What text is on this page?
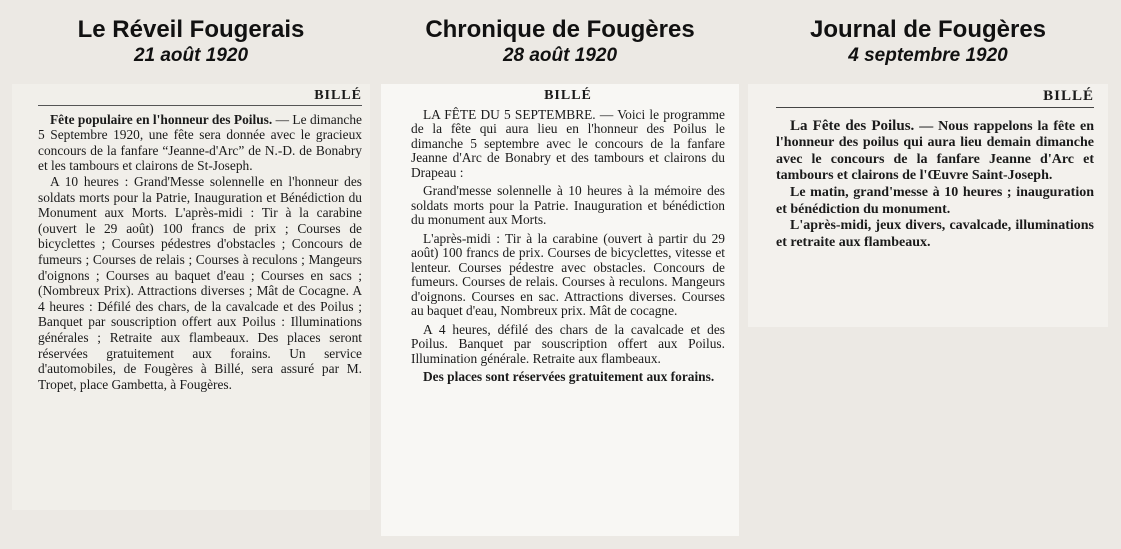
Le Réveil Fougerais
21 août 1920
BILLÉ

Fête populaire en l'honneur des Poilus. — Le dimanche 5 Septembre 1920, une fête sera donnée avec le gracieux concours de la fanfare “Jeanne-d'Arc” de N.-D. de Bonabry et les tambours et clairons de St-Joseph.

A 10 heures : Grand'Messe solennelle en l'honneur des soldats morts pour la Patrie, Inauguration et Bénédiction du Monument aux Morts. L'après-midi : Tir à la carabine (ouvert le 29 août) 100 francs de prix ; Courses de bicyclettes ; Courses pédestres d'obstacles ; Concours de fumeurs ; Courses de relais ; Courses à reculons ; Mangeurs d'oignons ; Courses au baquet d'eau ; Courses en sacs ; (Nombreux Prix). Attractions diverses ; Mât de Cocagne. A 4 heures : Défilé des chars, de la cavalcade et des Poilus ; Banquet par souscription offert aux Poilus : Illuminations générales ; Retraite aux flambeaux. Des places seront réservées gratuitement aux forains. Un service d'automobiles, de Fougères à Billé, sera assuré par M. Tropet, place Gambetta, à Fougères.

Chronique de Fougères
28 août 1920
BILLÉ

LA FÊTE DU 5 SEPTEMBRE. — Voici le programme de la fête qui aura lieu en l'honneur des Poilus le dimanche 5 septembre avec le concours de la fanfare Jeanne d'Arc de Bonabry et des tambours et clairons du Drapeau :

Grand'messe solennelle à 10 heures à la mémoire des soldats morts pour la Patrie. Inauguration et bénédiction du monument aux Morts.

L'après-midi : Tir à la carabine (ouvert à partir du 29 août) 100 francs de prix. Courses de bicyclettes, vitesse et lenteur. Courses pédestre avec obstacles. Concours de fumeurs. Courses de relais. Courses à reculons. Mangeurs d'oignons. Courses en sac. Attractions diverses. Courses au baquet d'eau, Nombreux prix. Mât de cocagne.

A 4 heures, défilé des chars de la cavalcade et des Poilus. Banquet par souscription offert aux Poilus. Illumination générale. Retraite aux flambeaux.

Des places sont réservées gratuitement aux forains.

Journal de Fougères
4 septembre 1920
BILLÉ

La Fête des Poilus. — Nous rappelons la fête en l'honneur des poilus qui aura lieu demain dimanche avec le concours de la fanfare Jeanne d'Arc et tambours et clairons de l'Œuvre Saint-Joseph.

Le matin, grand'messe à 10 heures ; inauguration et bénédiction du monument.

L'après-midi, jeux divers, cavalcade, illuminations et retraite aux flambeaux.
